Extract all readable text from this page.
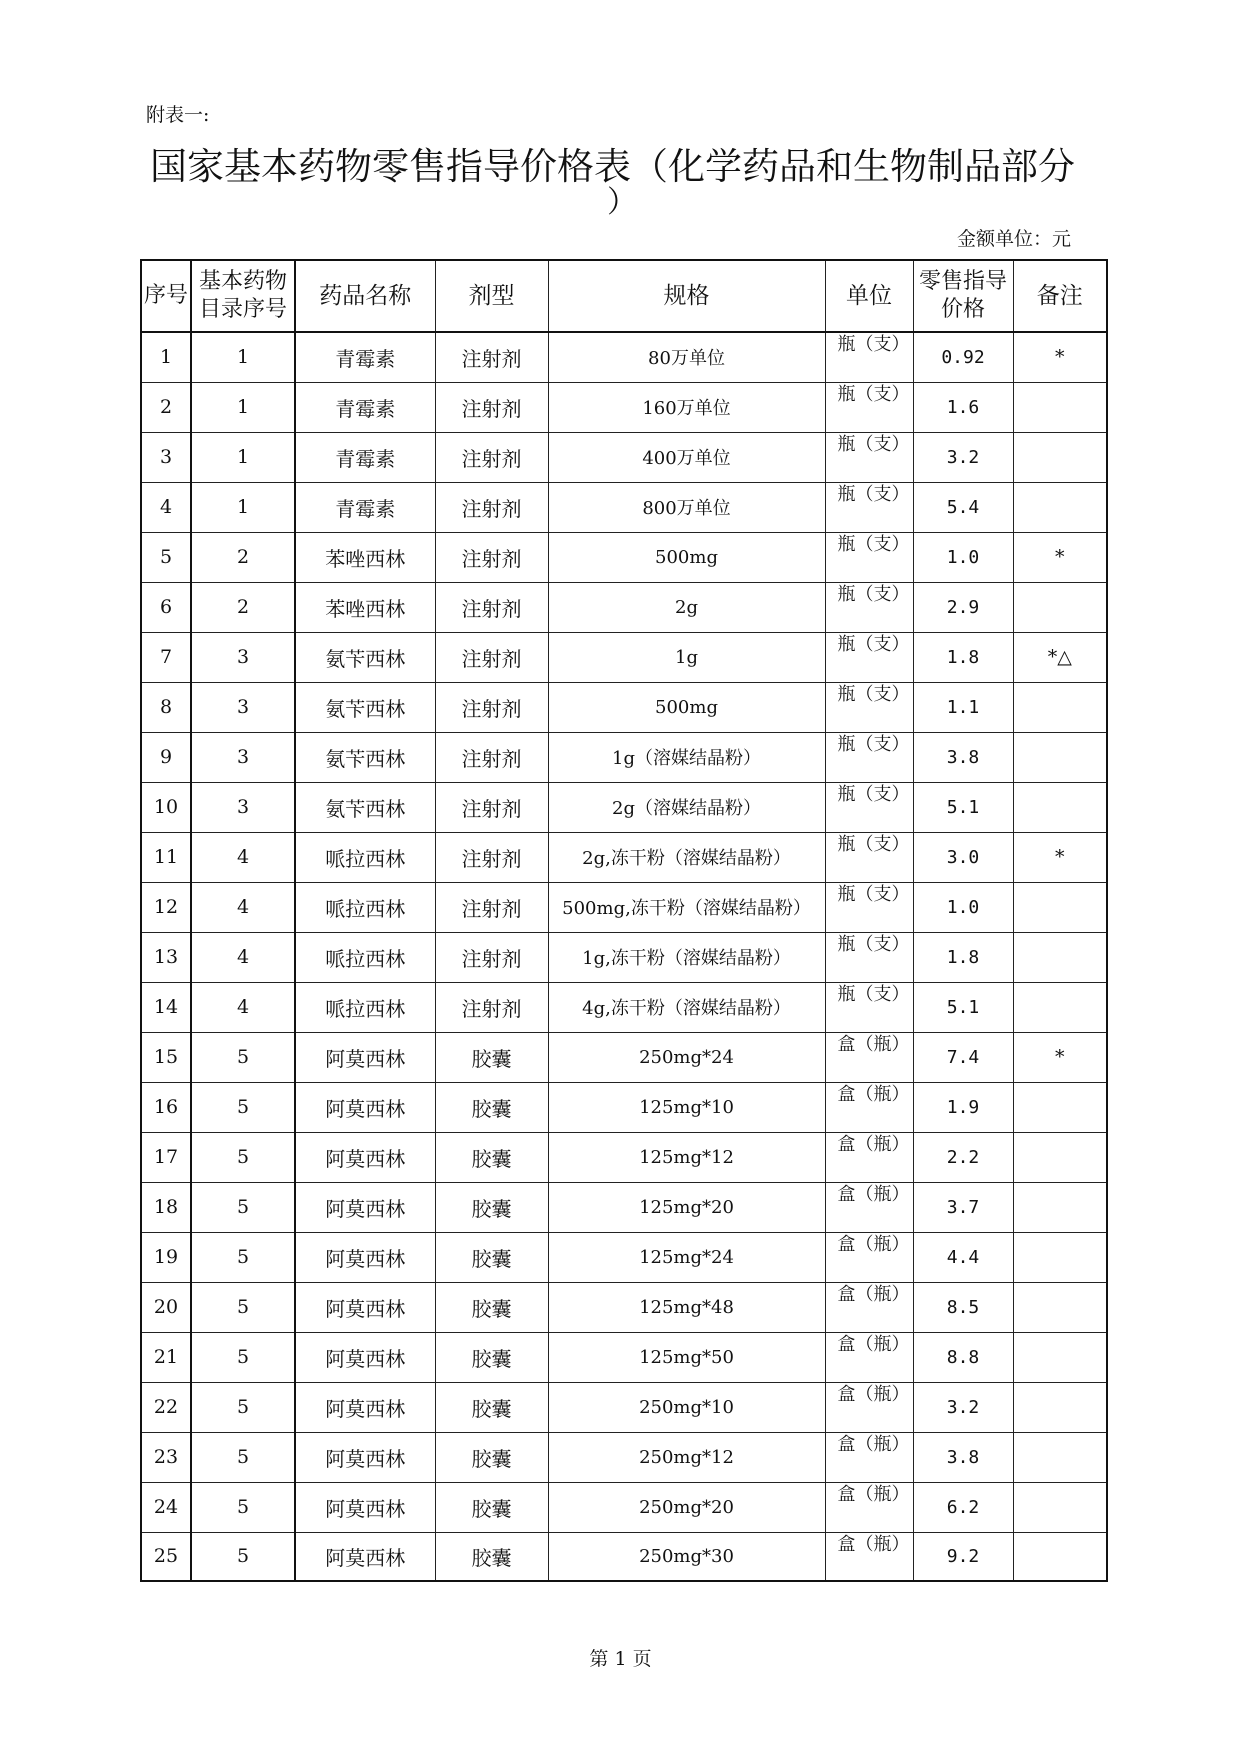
附表一:
国家基本药物零售指导价格表（化学药品和生物制品部分
）
金额单位：元
序号	基本药物目录序号	药品名称	剂型	规格	单位	零售指导价格	备注
1	1	青霉素	注射剂	80万单位	瓶（支）	0.92	*
2	1	青霉素	注射剂	160万单位	瓶（支）	1.6	
3	1	青霉素	注射剂	400万单位	瓶（支）	3.2	
4	1	青霉素	注射剂	800万单位	瓶（支）	5.4	
5	2	苯唑西林	注射剂	500mg	瓶（支）	1.0	*
6	2	苯唑西林	注射剂	2g	瓶（支）	2.9	
7	3	氨苄西林	注射剂	1g	瓶（支）	1.8	*△
8	3	氨苄西林	注射剂	500mg	瓶（支）	1.1	
9	3	氨苄西林	注射剂	1g（溶媒结晶粉）	瓶（支）	3.8	
10	3	氨苄西林	注射剂	2g（溶媒结晶粉）	瓶（支）	5.1	
11	4	哌拉西林	注射剂	2g,冻干粉（溶媒结晶粉）	瓶（支）	3.0	*
12	4	哌拉西林	注射剂	500mg,冻干粉（溶媒结晶粉）	瓶（支）	1.0	
13	4	哌拉西林	注射剂	1g,冻干粉（溶媒结晶粉）	瓶（支）	1.8	
14	4	哌拉西林	注射剂	4g,冻干粉（溶媒结晶粉）	瓶（支）	5.1	
15	5	阿莫西林	胶囊	250mg*24	盒（瓶）	7.4	*
16	5	阿莫西林	胶囊	125mg*10	盒（瓶）	1.9	
17	5	阿莫西林	胶囊	125mg*12	盒（瓶）	2.2	
18	5	阿莫西林	胶囊	125mg*20	盒（瓶）	3.7	
19	5	阿莫西林	胶囊	125mg*24	盒（瓶）	4.4	
20	5	阿莫西林	胶囊	125mg*48	盒（瓶）	8.5	
21	5	阿莫西林	胶囊	125mg*50	盒（瓶）	8.8	
22	5	阿莫西林	胶囊	250mg*10	盒（瓶）	3.2	
23	5	阿莫西林	胶囊	250mg*12	盒（瓶）	3.8	
24	5	阿莫西林	胶囊	250mg*20	盒（瓶）	6.2	
25	5	阿莫西林	胶囊	250mg*30	盒（瓶）	9.2	
第 1 页
